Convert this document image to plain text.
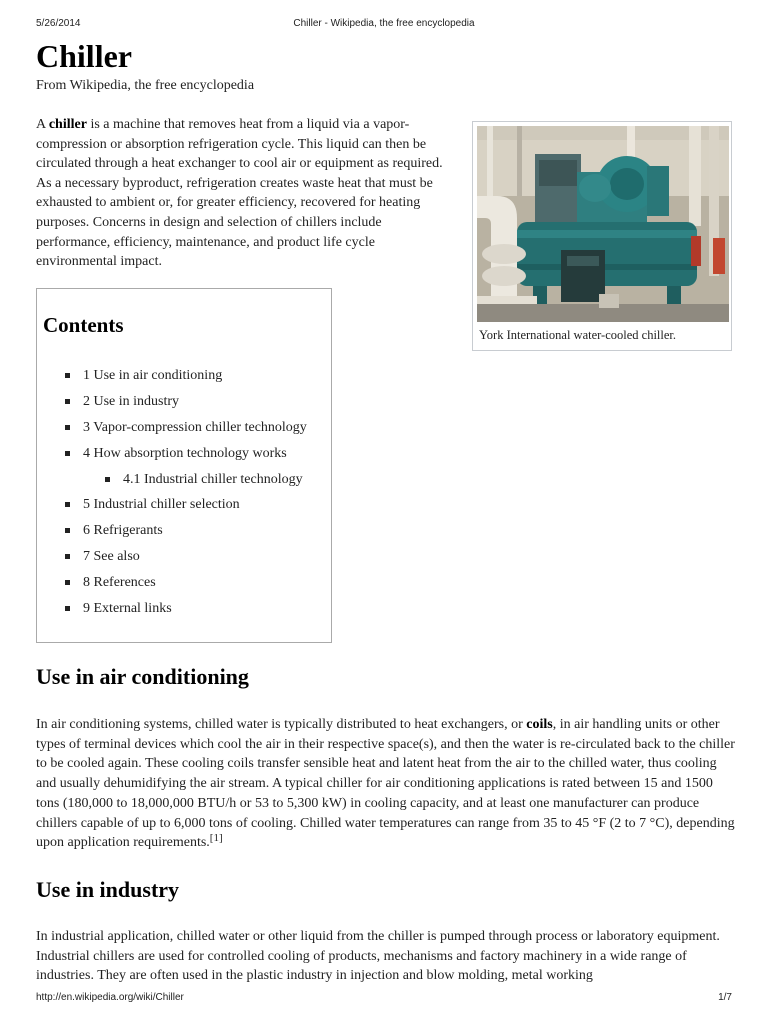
5/26/2014	Chiller - Wikipedia, the free encyclopedia
Chiller
From Wikipedia, the free encyclopedia

A chiller is a machine that removes heat from a liquid via a vapor-compression or absorption refrigeration cycle. This liquid can then be circulated through a heat exchanger to cool air or equipment as required. As a necessary byproduct, refrigeration creates waste heat that must be exhausted to ambient or, for greater efficiency, recovered for heating purposes. Concerns in design and selection of chillers include performance, efficiency, maintenance, and product life cycle environmental impact.

York International water-cooled chiller.
Contents
1 Use in air conditioning
2 Use in industry
3 Vapor-compression chiller technology
4 How absorption technology works
4.1 Industrial chiller technology
5 Industrial chiller selection
6 Refrigerants
7 See also
8 References
9 External links
Use in air conditioning

In air conditioning systems, chilled water is typically distributed to heat exchangers, or coils, in air handling units or other types of terminal devices which cool the air in their respective space(s), and then the water is re-circulated back to the chiller to be cooled again. These cooling coils transfer sensible heat and latent heat from the air to the chilled water, thus cooling and usually dehumidifying the air stream. A typical chiller for air conditioning applications is rated between 15 and 1500 tons (180,000 to 18,000,000 BTU/h or 53 to 5,300 kW) in cooling capacity, and at least one manufacturer can produce chillers capable of up to 6,000 tons of cooling. Chilled water temperatures can range from 35 to 45 °F (2 to 7 °C), depending upon application requirements.[1]

Use in industry

In industrial application, chilled water or other liquid from the chiller is pumped through process or laboratory equipment. Industrial chillers are used for controlled cooling of products, mechanisms and factory machinery in a wide range of industries. They are often used in the plastic industry in injection and blow molding, metal working

http://en.wikipedia.org/wiki/Chiller	1/7
